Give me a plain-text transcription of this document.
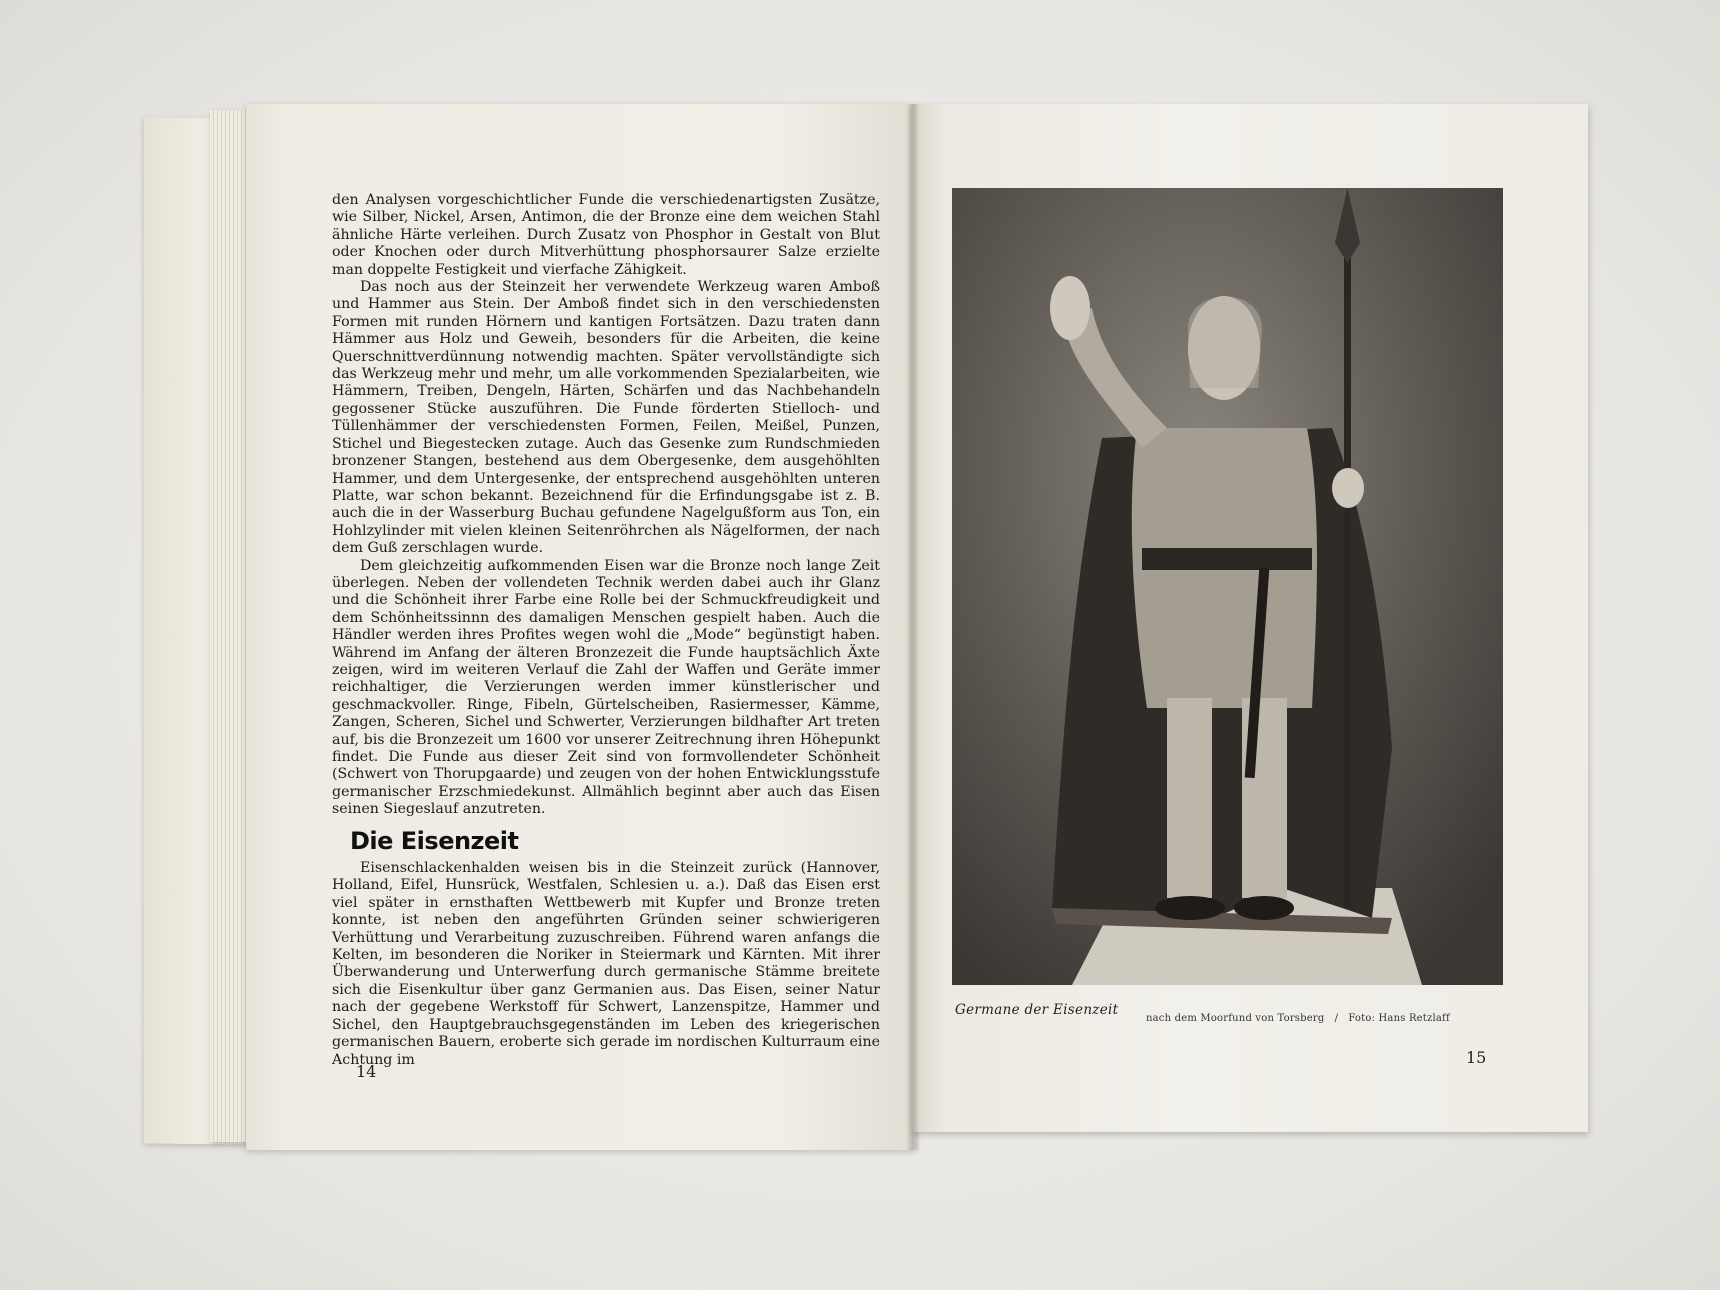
den Analysen vorgeschichtlicher Funde die verschiedenartigsten Zusätze, wie Silber, Nickel, Arsen, Antimon, die der Bronze eine dem weichen Stahl ähnliche Härte verleihen. Durch Zusatz von Phosphor in Gestalt von Blut oder Knochen oder durch Mitverhüttung phosphorsaurer Salze erzielte man doppelte Festigkeit und vierfache Zähigkeit.

Das noch aus der Steinzeit her verwendete Werkzeug waren Amboß und Hammer aus Stein. Der Amboß findet sich in den verschiedensten Formen mit runden Hörnern und kantigen Fortsätzen. Dazu traten dann Hämmer aus Holz und Geweih, besonders für die Arbeiten, die keine Querschnittverdünnung notwendig machten. Später vervollständigte sich das Werkzeug mehr und mehr, um alle vorkommenden Spezialarbeiten, wie Hämmern, Treiben, Dengeln, Härten, Schärfen und das Nachbehandeln gegossener Stücke auszuführen. Die Funde förderten Stielloch- und Tüllenhämmer der verschiedensten Formen, Feilen, Meißel, Punzen, Stichel und Biegestecken zutage. Auch das Gesenke zum Rundschmieden bronzener Stangen, bestehend aus dem Obergesenke, dem ausgehöhlten Hammer, und dem Untergesenke, der entsprechend ausgehöhlten unteren Platte, war schon bekannt. Bezeichnend für die Erfindungsgabe ist z. B. auch die in der Wasserburg Buchau gefundene Nagelgußform aus Ton, ein Hohlzylinder mit vielen kleinen Seitenröhrchen als Nägelformen, der nach dem Guß zerschlagen wurde.

Dem gleichzeitig aufkommenden Eisen war die Bronze noch lange Zeit überlegen. Neben der vollendeten Technik werden dabei auch ihr Glanz und die Schönheit ihrer Farbe eine Rolle bei der Schmuckfreudigkeit und dem Schönheitssinnn des damaligen Menschen gespielt haben. Auch die Händler werden ihres Profites wegen wohl die „Mode“ begünstigt haben. Während im Anfang der älteren Bronzezeit die Funde hauptsächlich Äxte zeigen, wird im weiteren Verlauf die Zahl der Waffen und Geräte immer reichhaltiger, die Verzierungen werden immer künstlerischer und geschmackvoller. Ringe, Fibeln, Gürtelscheiben, Rasiermesser, Kämme, Zangen, Scheren, Sichel und Schwerter, Verzierungen bildhafter Art treten auf, bis die Bronzezeit um 1600 vor unserer Zeitrechnung ihren Höhepunkt findet. Die Funde aus dieser Zeit sind von formvollendeter Schönheit (Schwert von Thorupgaarde) und zeugen von der hohen Entwicklungsstufe germanischer Erzschmiedekunst. Allmählich beginnt aber auch das Eisen seinen Siegeslauf anzutreten.

Die Eisenzeit

Eisenschlackenhalden weisen bis in die Steinzeit zurück (Hannover, Holland, Eifel, Hunsrück, Westfalen, Schlesien u. a.). Daß das Eisen erst viel später in ernsthaften Wettbewerb mit Kupfer und Bronze treten konnte, ist neben den angeführten Gründen seiner schwierigeren Verhüttung und Verarbeitung zuzuschreiben. Führend waren anfangs die Kelten, im besonderen die Noriker in Steiermark und Kärnten. Mit ihrer Überwanderung und Unterwerfung durch germanische Stämme breitete sich die Eisenkultur über ganz Germanien aus. Das Eisen, seiner Natur nach der gegebene Werkstoff für Schwert, Lanzenspitze, Hammer und Sichel, den Hauptgebrauchsgegenständen im Leben des kriegerischen germanischen Bauern, eroberte sich gerade im nordischen Kulturraum eine Achtung im

14
Germane der Eisenzeit
nach dem Moorfund von Torsberg / Foto: Hans Retzlaff
15
